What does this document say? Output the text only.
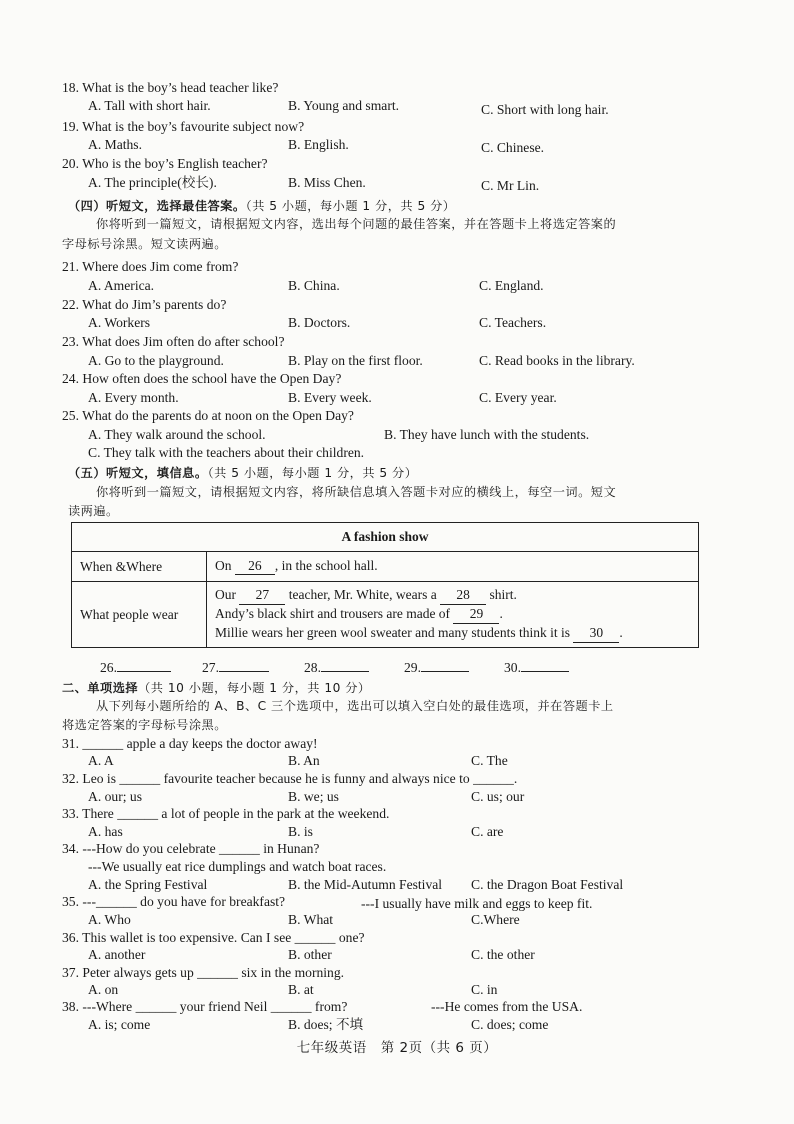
18. What is the boy’s head teacher like?
A. Tall with short hair.	B. Young and smart.	C. Short with long hair.
19. What is the boy’s favourite subject now?
A. Maths.	B. English.	C. Chinese.
20. Who is the boy’s English teacher?
A. The principle(校长).	B. Miss Chen.	C. Mr Lin.
（四）听短文，选择最佳答案。（共 5 小题，每小题 1 分，共 5 分）
你将听到一篇短文，请根据短文内容，选出每个问题的最佳答案，并在答题卡上将选定答案的
字母标号涂黑。短文读两遍。
21. Where does Jim come from?
A. America.	B. China.	C. England.
22. What do Jim’s parents do?
A. Workers	B. Doctors.	C. Teachers.
23. What does Jim often do after school?
A. Go to the playground.	B. Play on the first floor.	C. Read books in the library.
24. How often does the school have the Open Day?
A. Every month.	B. Every week.	C. Every year.
25. What do the parents do at noon on the Open Day?
A. They walk around the school.	B. They have lunch with the students.
C. They talk with the teachers about their children.
（五）听短文，填信息。（共 5 小题，每小题 1 分，共 5 分）
你将听到一篇短文，请根据短文内容，将所缺信息填入答题卡对应的横线上，每空一词。短文
读两遍。
A fashion show	
When &Where	On 26 , in the school hall.
What people wear	Our 27 teacher, Mr. White, wears a 28 shirt.
Andy’s black shirt and trousers are made of 29 .
Millie wears her green wool sweater and many students think it is 30 .
26.	27.	28.	29.	30.
二、单项选择（共 10 小题，每小题 1 分，共 10 分）
从下列每小题所给的 A、B、C 三个选项中，选出可以填入空白处的最佳选项，并在答题卡上
将选定答案的字母标号涂黑。
31. ______ apple a day keeps the doctor away!
A. A	B. An	C. The
32. Leo is ______ favourite teacher because he is funny and always nice to ______.
A. our; us	B. we; us	C. us; our
33. There ______ a lot of people in the park at the weekend.
A. has	B. is	C. are
34. ---How do you celebrate ______ in Hunan?
---We usually eat rice dumplings and watch boat races.
A. the Spring Festival	B. the Mid-Autumn Festival C. the Dragon Boat Festival
35. ---______ do you have for breakfast?	---I usually have milk and eggs to keep fit.
A. Who	B. What	C.Where
36. This wallet is too expensive. Can I see ______ one?
A. another	B. other	C. the other
37. Peter always gets up ______ six in the morning.
A. on	B. at	C. in
38. ---Where ______ your friend Neil ______ from?	---He comes from the USA.
A. is; come	B. does; 不填	C. does; come
七年级英语　第 2页（共 6 页）
